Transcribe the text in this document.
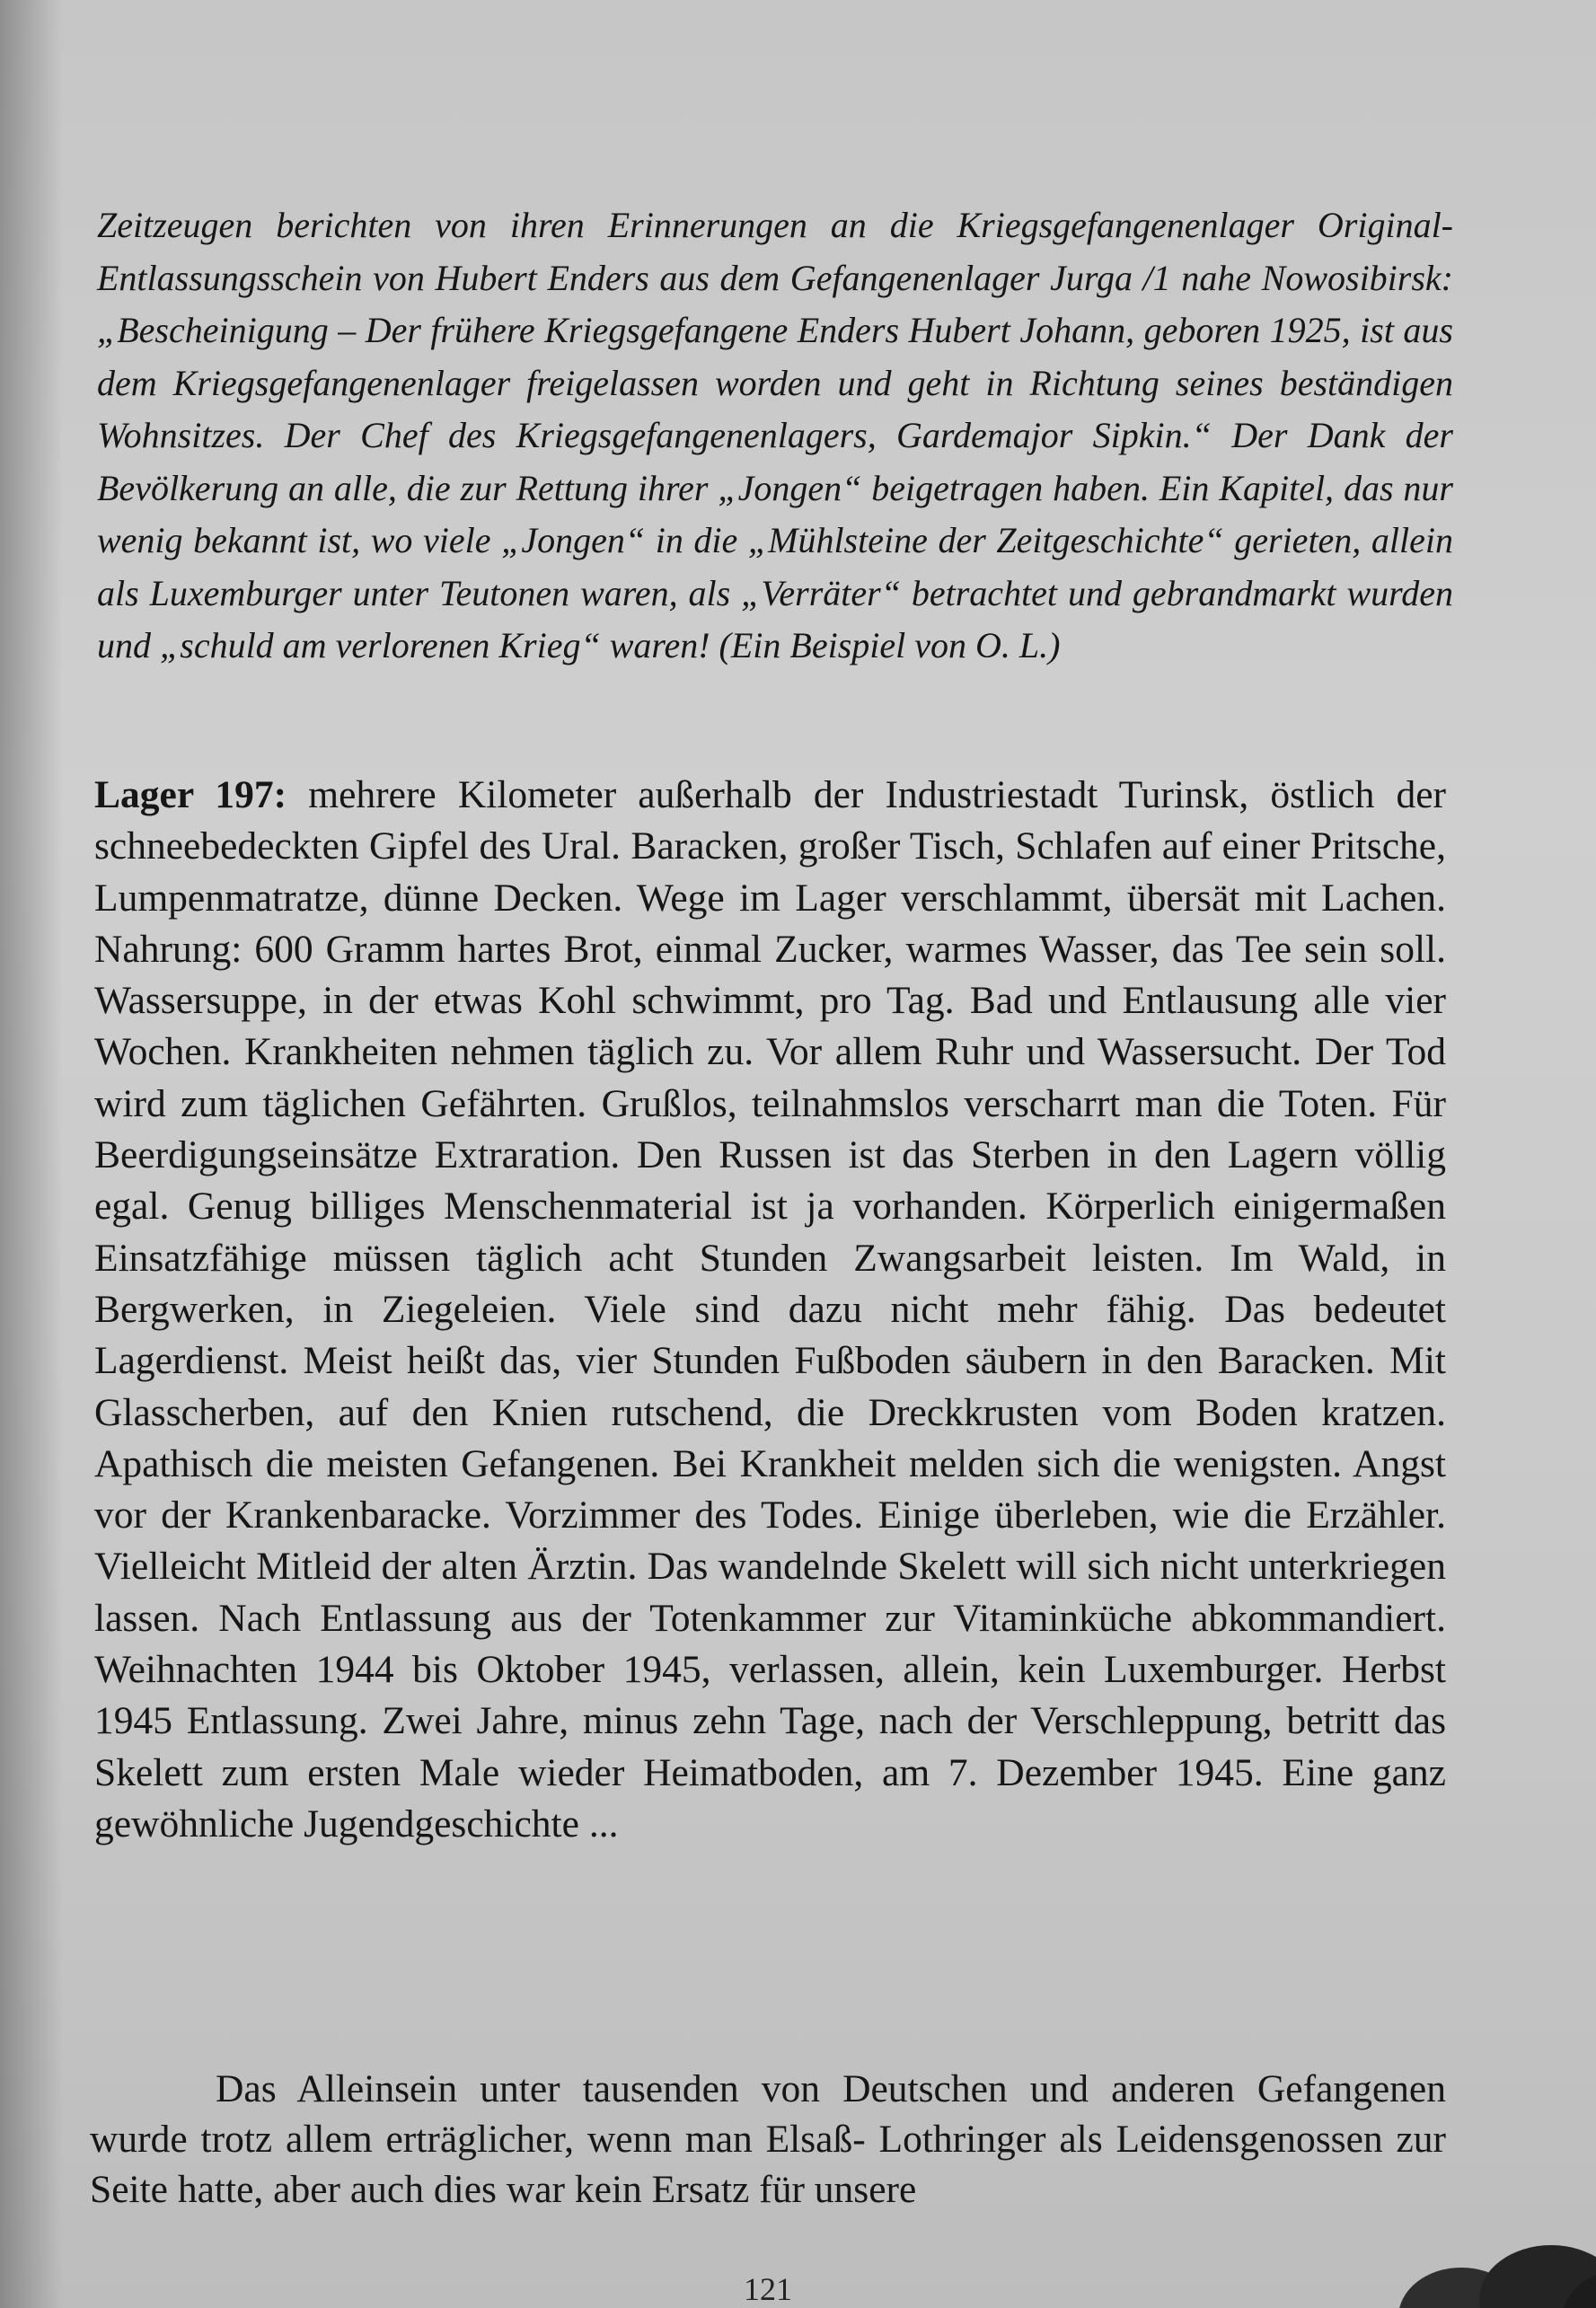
Zeitzeugen berichten von ihren Erinnerungen an die Kriegsgefangenenlager Original-Entlassungsschein von Hubert Enders aus dem Gefangenenlager Jurga /1 nahe Nowosibirsk: „Bescheinigung – Der frühere Kriegsgefangene Enders Hubert Johann, geboren 1925, ist aus dem Kriegsgefangenenlager freigelassen worden und geht in Richtung seines beständigen Wohnsitzes. Der Chef des Kriegsgefangenenlagers, Gardemajor Sipkin.“ Der Dank der Bevölkerung an alle, die zur Rettung ihrer „Jongen“ beigetragen haben. Ein Kapitel, das nur wenig bekannt ist, wo viele „Jongen“ in die „Mühlsteine der Zeitgeschichte“ gerieten, allein als Luxemburger unter Teutonen waren, als „Verräter“ betrachtet und gebrandmarkt wurden und „schuld am verlorenen Krieg“ waren! (Ein Beispiel von O. L.)

Lager 197: mehrere Kilometer außerhalb der Industriestadt Turinsk, östlich der schneebedeckten Gipfel des Ural. Baracken, großer Tisch, Schlafen auf einer Pritsche, Lumpenmatratze, dünne Decken. Wege im Lager verschlammt, übersät mit Lachen. Nahrung: 600 Gramm hartes Brot, einmal Zucker, warmes Wasser, das Tee sein soll. Wassersuppe, in der etwas Kohl schwimmt, pro Tag. Bad und Entlausung alle vier Wochen. Krankheiten nehmen täglich zu. Vor allem Ruhr und Wassersucht. Der Tod wird zum täglichen Gefährten. Grußlos, teilnahmslos verscharrt man die Toten. Für Beerdigungseinsätze Extraration. Den Russen ist das Sterben in den Lagern völlig egal. Genug billiges Menschenmaterial ist ja vorhanden. Körperlich einigermaßen Einsatzfähige müssen täglich acht Stunden Zwangsarbeit leisten. Im Wald, in Bergwerken, in Ziegeleien. Viele sind dazu nicht mehr fähig. Das bedeutet Lagerdienst. Meist heißt das, vier Stunden Fußboden säubern in den Baracken. Mit Glasscherben, auf den Knien rutschend, die Dreckkrusten vom Boden kratzen. Apathisch die meisten Gefangenen. Bei Krankheit melden sich die wenigsten. Angst vor der Krankenbaracke. Vorzimmer des Todes. Einige überleben, wie die Erzähler. Vielleicht Mitleid der alten Ärztin. Das wandelnde Skelett will sich nicht unterkriegen lassen. Nach Entlassung aus der Totenkammer zur Vitaminküche abkommandiert. Weihnachten 1944 bis Oktober 1945, verlassen, allein, kein Luxemburger. Herbst 1945 Entlassung. Zwei Jahre, minus zehn Tage, nach der Verschleppung, betritt das Skelett zum ersten Male wieder Heimatboden, am 7. Dezember 1945. Eine ganz gewöhnliche Jugendgeschichte ...

Das Alleinsein unter tausenden von Deutschen und anderen Gefangenen wurde trotz allem erträglicher, wenn man Elsaß- Lothringer als Leidensgenossen zur Seite hatte, aber auch dies war kein Ersatz für unsere

121
